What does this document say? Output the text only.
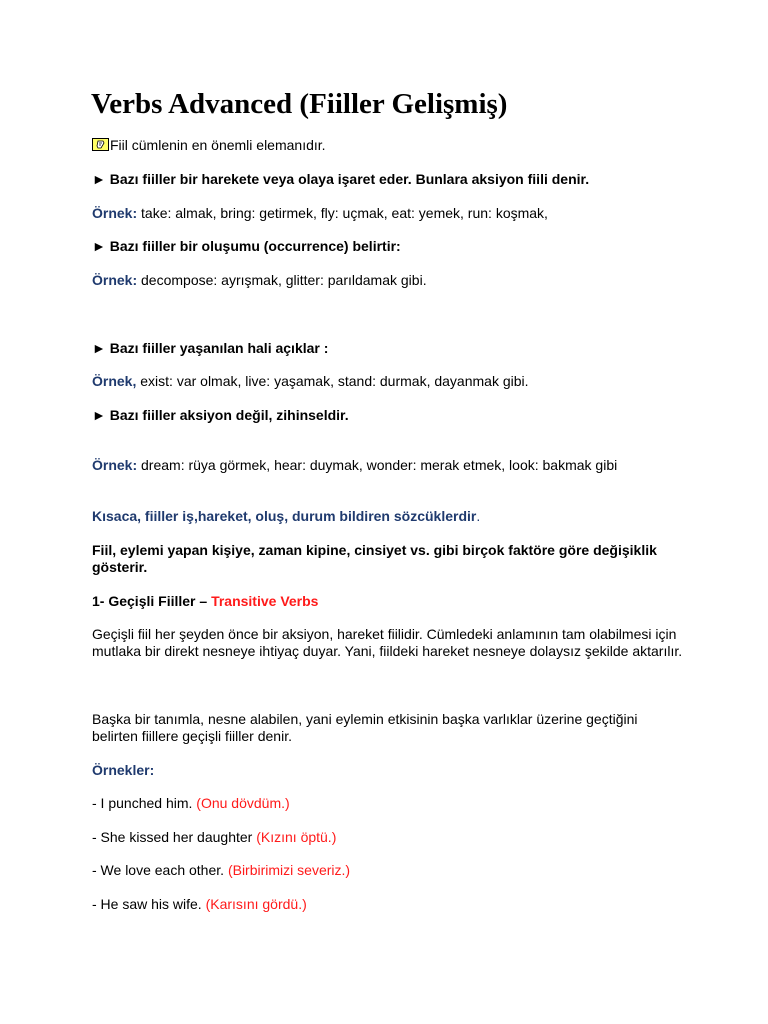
Verbs Advanced (Fiiller Gelişmiş)
Fiil cümlenin en önemli elemanıdır.
► Bazı fiiller bir harekete veya olaya işaret eder. Bunlara aksiyon fiili denir.
Örnek: take: almak, bring: getirmek, fly: uçmak, eat: yemek, run: koşmak,
► Bazı fiiller bir oluşumu (occurrence) belirtir:
Örnek: decompose: ayrışmak, glitter: parıldamak gibi.
► Bazı fiiller yaşanılan hali açıklar :
Örnek, exist: var olmak, live: yaşamak, stand: durmak, dayanmak gibi.
► Bazı fiiller aksiyon değil, zihinseldir.
Örnek: dream: rüya görmek, hear: duymak, wonder: merak etmek, look: bakmak gibi
Kısaca, fiiller iş,hareket, oluş, durum bildiren sözcüklerdir.
Fiil, eylemi yapan kişiye, zaman kipine, cinsiyet vs. gibi birçok faktöre göre değişiklik gösterir.
1- Geçişli Fiiller – Transitive Verbs
Geçişli fiil her şeyden önce bir aksiyon, hareket fiilidir. Cümledeki anlamının tam olabilmesi için mutlaka bir direkt nesneye ihtiyaç duyar. Yani, fiildeki hareket nesneye dolaysız şekilde aktarılır.
Başka bir tanımla, nesne alabilen, yani eylemin etkisinin başka varlıklar üzerine geçtiğini belirten fiillere geçişli fiiller denir.
Örnekler:
- I punched him. (Onu dövdüm.)
- She kissed her daughter (Kızını öptü.)
- We love each other. (Birbirimizi severiz.)
- He saw his wife. (Karısını gördü.)
